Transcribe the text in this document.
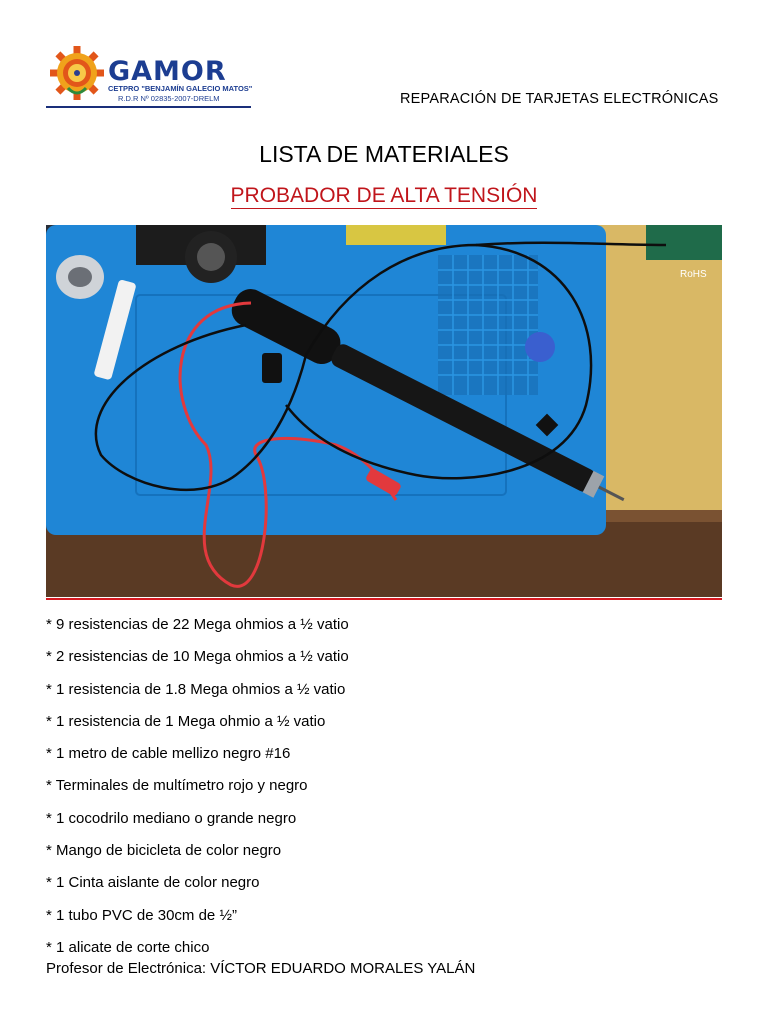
GAMOR
CETPRO "BENJAMÍN GALECIO MATOS"
R.D.R Nº 02835-2007-DRELM	REPARACIÓN DE TARJETAS ELECTRÓNICAS
LISTA DE MATERIALES
PROBADOR DE ALTA TENSIÓN
RoHS
* 9 resistencias de 22 Mega ohmios a ½ vatio
* 2 resistencias de 10 Mega ohmios a ½ vatio
* 1 resistencia de 1.8 Mega ohmios a ½ vatio
* 1 resistencia de 1 Mega ohmio a ½ vatio
* 1 metro de cable mellizo negro #16
* Terminales de multímetro rojo y negro
* 1 cocodrilo mediano o grande negro
* Mango de bicicleta de color negro
* 1 Cinta aislante de color negro
* 1 tubo PVC de 30cm de ½”
* 1 alicate de corte chico
Profesor de Electrónica: VÍCTOR EDUARDO MORALES YALÁN
